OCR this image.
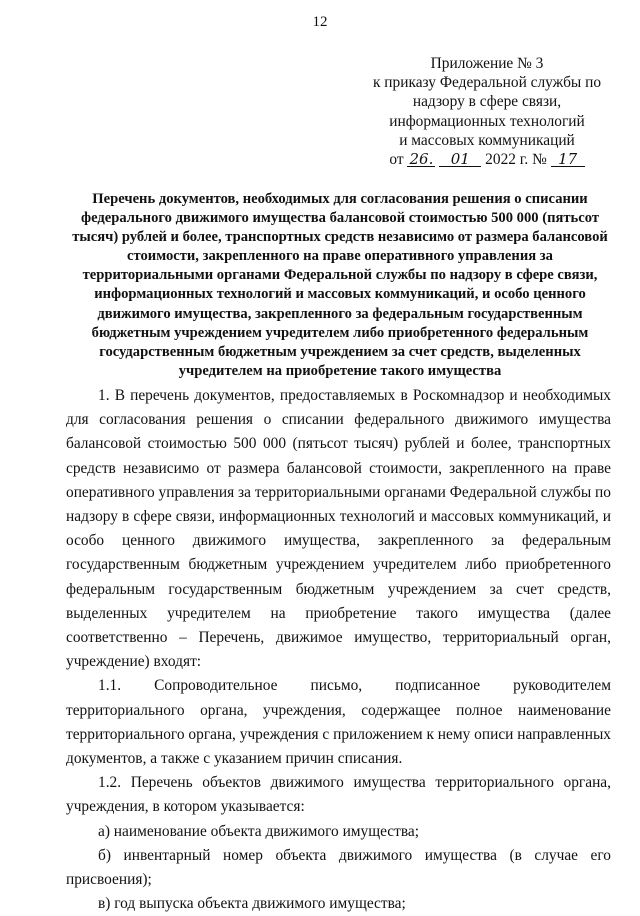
12
Приложение № 3
к приказу Федеральной службы по
надзору в сфере связи,
информационных технологий
и массовых коммуникаций
от 26. 01 2022 г. № 17
Перечень документов, необходимых для согласования решения о списании федерального движимого имущества балансовой стоимостью 500 000 (пятьсот тысяч) рублей и более, транспортных средств независимо от размера балансовой стоимости, закрепленного на праве оперативного управления за территориальными органами Федеральной службы по надзору в сфере связи, информационных технологий и массовых коммуникаций, и особо ценного движимого имущества, закрепленного за федеральным государственным бюджетным учреждением учредителем либо приобретенного федеральным государственным бюджетным учреждением за счет средств, выделенных учредителем на приобретение такого имущества

1. В перечень документов, предоставляемых в Роскомнадзор и необходимых для согласования решения о списании федерального движимого имущества балансовой стоимостью 500 000 (пятьсот тысяч) рублей и более, транспортных средств независимо от размера балансовой стоимости, закрепленного на праве оперативного управления за территориальными органами Федеральной службы по надзору в сфере связи, информационных технологий и массовых коммуникаций, и особо ценного движимого имущества, закрепленного за федеральным государственным бюджетным учреждением учредителем либо приобретенного федеральным государственным бюджетным учреждением за счет средств, выделенных учредителем на приобретение такого имущества (далее соответственно – Перечень, движимое имущество, территориальный орган, учреждение) входят:

1.1. Сопроводительное письмо, подписанное руководителем территориального органа, учреждения, содержащее полное наименование территориального органа, учреждения с приложением к нему описи направленных документов, а также с указанием причин списания.

1.2. Перечень объектов движимого имущества территориального органа, учреждения, в котором указывается:

а) наименование объекта движимого имущества;

б) инвентарный номер объекта движимого имущества (в случае его присвоения);

в) год выпуска объекта движимого имущества;
